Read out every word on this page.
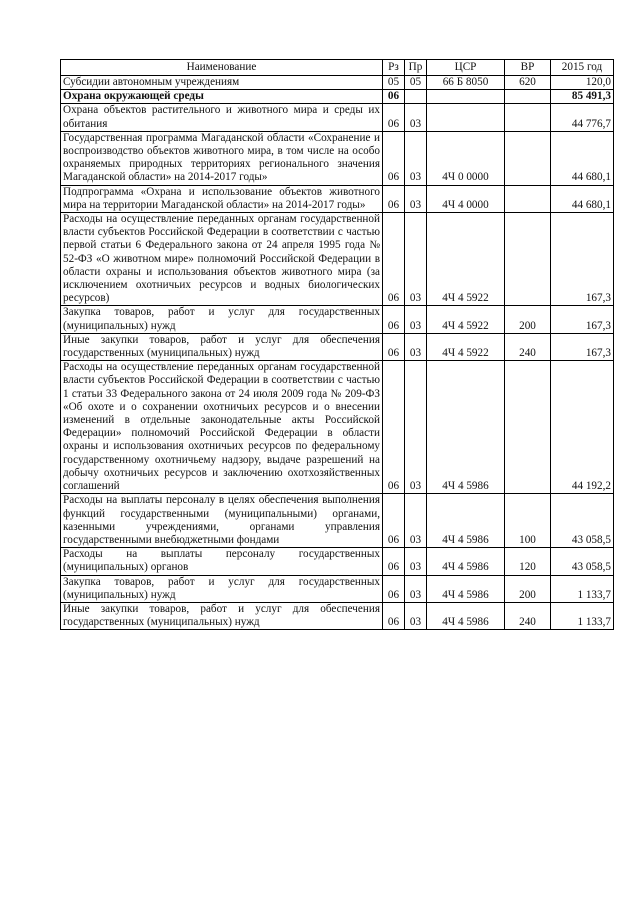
Наименование	Рз	Пр	ЦСР	ВР	2015 год
Субсидии автономным учреждениям	05	05	66 Б 8050	620	120,0
Охрана окружающей среды	06				85 491,3
Охрана объектов растительного и животного мира и среды их обитания	06	03			44 776,7
Государственная программа Магаданской области «Сохранение и воспроизводство объектов животного мира, в том числе на особо охраняемых природных территориях регионального значения Магаданской области» на 2014-2017 годы»	06	03	4Ч 0 0000		44 680,1
Подпрограмма «Охрана и использование объектов животного мира на территории Магаданской области» на 2014-2017 годы»	06	03	4Ч 4 0000		44 680,1
Расходы на осуществление переданных органам государственной власти субъектов Российской Федерации в соответствии с частью первой статьи 6 Федерального закона от 24 апреля 1995 года № 52-ФЗ «О животном мире» полномочий Российской Федерации в области охраны и использования объектов животного мира (за исключением охотничьих ресурсов и водных биологических ресурсов)	06	03	4Ч 4 5922		167,3
Закупка товаров, работ и услуг для государственных (муниципальных) нужд	06	03	4Ч 4 5922	200	167,3
Иные закупки товаров, работ и услуг для обеспечения государственных (муниципальных) нужд	06	03	4Ч 4 5922	240	167,3
Расходы на осуществление переданных органам государственной власти субъектов Российской Федерации в соответствии с частью 1 статьи 33 Федерального закона от 24 июля 2009 года № 209-ФЗ «Об охоте и о сохранении охотничьих ресурсов и о внесении изменений в отдельные законодательные акты Российской Федерации» полномочий Российской Федерации в области охраны и использования охотничьих ресурсов по федеральному государственному охотничьему надзору, выдаче разрешений на добычу охотничьих ресурсов и заключению охотхозяйственных соглашений	06	03	4Ч 4 5986		44 192,2
Расходы на выплаты персоналу в целях обеспечения выполнения функций государственными (муниципальными) органами, казенными учреждениями, органами управления государственными внебюджетными фондами	06	03	4Ч 4 5986	100	43 058,5
Расходы на выплаты персоналу государственных (муниципальных) органов	06	03	4Ч 4 5986	120	43 058,5
Закупка товаров, работ и услуг для государственных (муниципальных) нужд	06	03	4Ч 4 5986	200	1 133,7
Иные закупки товаров, работ и услуг для обеспечения государственных (муниципальных) нужд	06	03	4Ч 4 5986	240	1 133,7
